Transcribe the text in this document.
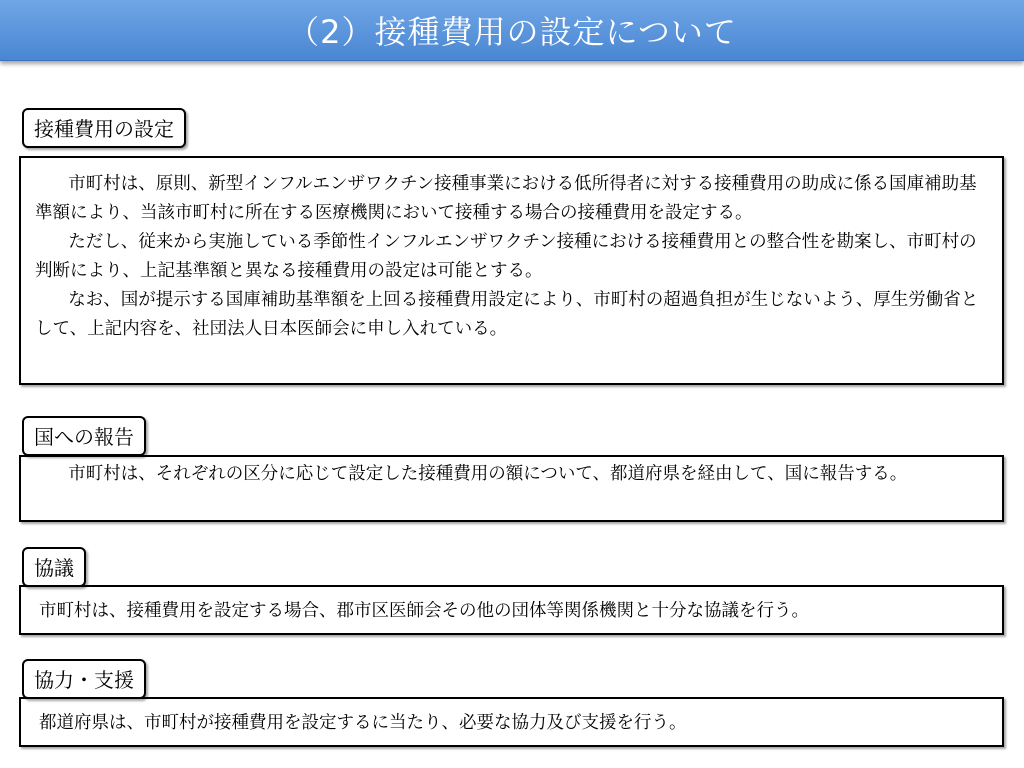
（2）接種費用の設定について
接種費用の設定

市町村は、原則、新型インフルエンザワクチン接種事業における低所得者に対する接種費用の助成に係る国庫補助基準額により、当該市町村に所在する医療機関において接種する場合の接種費用を設定する。

ただし、従来から実施している季節性インフルエンザワクチン接種における接種費用との整合性を勘案し、市町村の判断により、上記基準額と異なる接種費用の設定は可能とする。

なお、国が提示する国庫補助基準額を上回る接種費用設定により、市町村の超過負担が生じないよう、厚生労働省として、上記内容を、社団法人日本医師会に申し入れている。

国への報告

市町村は、それぞれの区分に応じて設定した接種費用の額について、都道府県を経由して、国に報告する。

協議

市町村は、接種費用を設定する場合、郡市区医師会その他の団体等関係機関と十分な協議を行う。

協力・支援

都道府県は、市町村が接種費用を設定するに当たり、必要な協力及び支援を行う。
